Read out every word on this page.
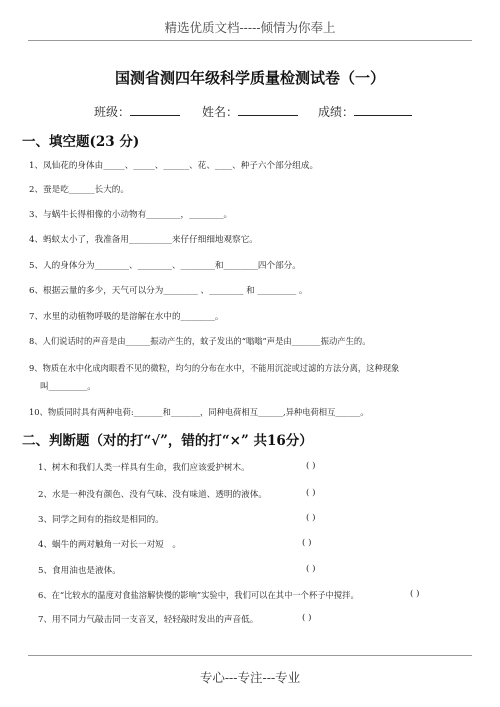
精选优质文档-----倾情为你奉上
国测省测四年级科学质量检测试卷（一）
班级：	姓名：	成绩：
一、填空题(23 分)
1、凤仙花的身体由_____、_____、______、花、____、种子六个部分组成。
2、蚕是吃______长大的。
3、与蜗牛长得相像的小动物有________，________。
4、蚂蚁太小了，我准备用__________来仔仔细细地观察它。
5、人的身体分为________、________、________和________四个部分。
6、根据云量的多少，天气可以分为________ 、________ 和 _________ 。
7、水里的动植物呼吸的是溶解在水中的________。
8、人们说话时的声音是由______振动产生的，蚊子发出的“嗡嗡”声是由_______振动产生的。
9、物质在水中化成肉眼看不见的微粒，均匀的分布在水中，不能用沉淀或过滤的方法分离，这种现象
叫_________。
10、物质同时具有两种电荷:_______和_______，同种电荷相互______,异种电荷相互______。
二、判断题（对的打“√”，错的打“×” 共16分）
1、树木和我们人类一样具有生命，我们应该爱护树木。	( )
2、水是一种没有颜色、没有气味、没有味道、透明的液体。	( )
3、同学之间有的指纹是相同的。	( )
4、蜗牛的两对触角一对长一对短　。	( )
5、食用油也是液体。	( )
6、在“比较水的温度对食盐溶解快慢的影响”实验中，我们可以在其中一个杯子中搅拌。	( )
7、用不同力气敲击同一支音叉，轻轻敲时发出的声音低。	( )
专心---专注---专业
